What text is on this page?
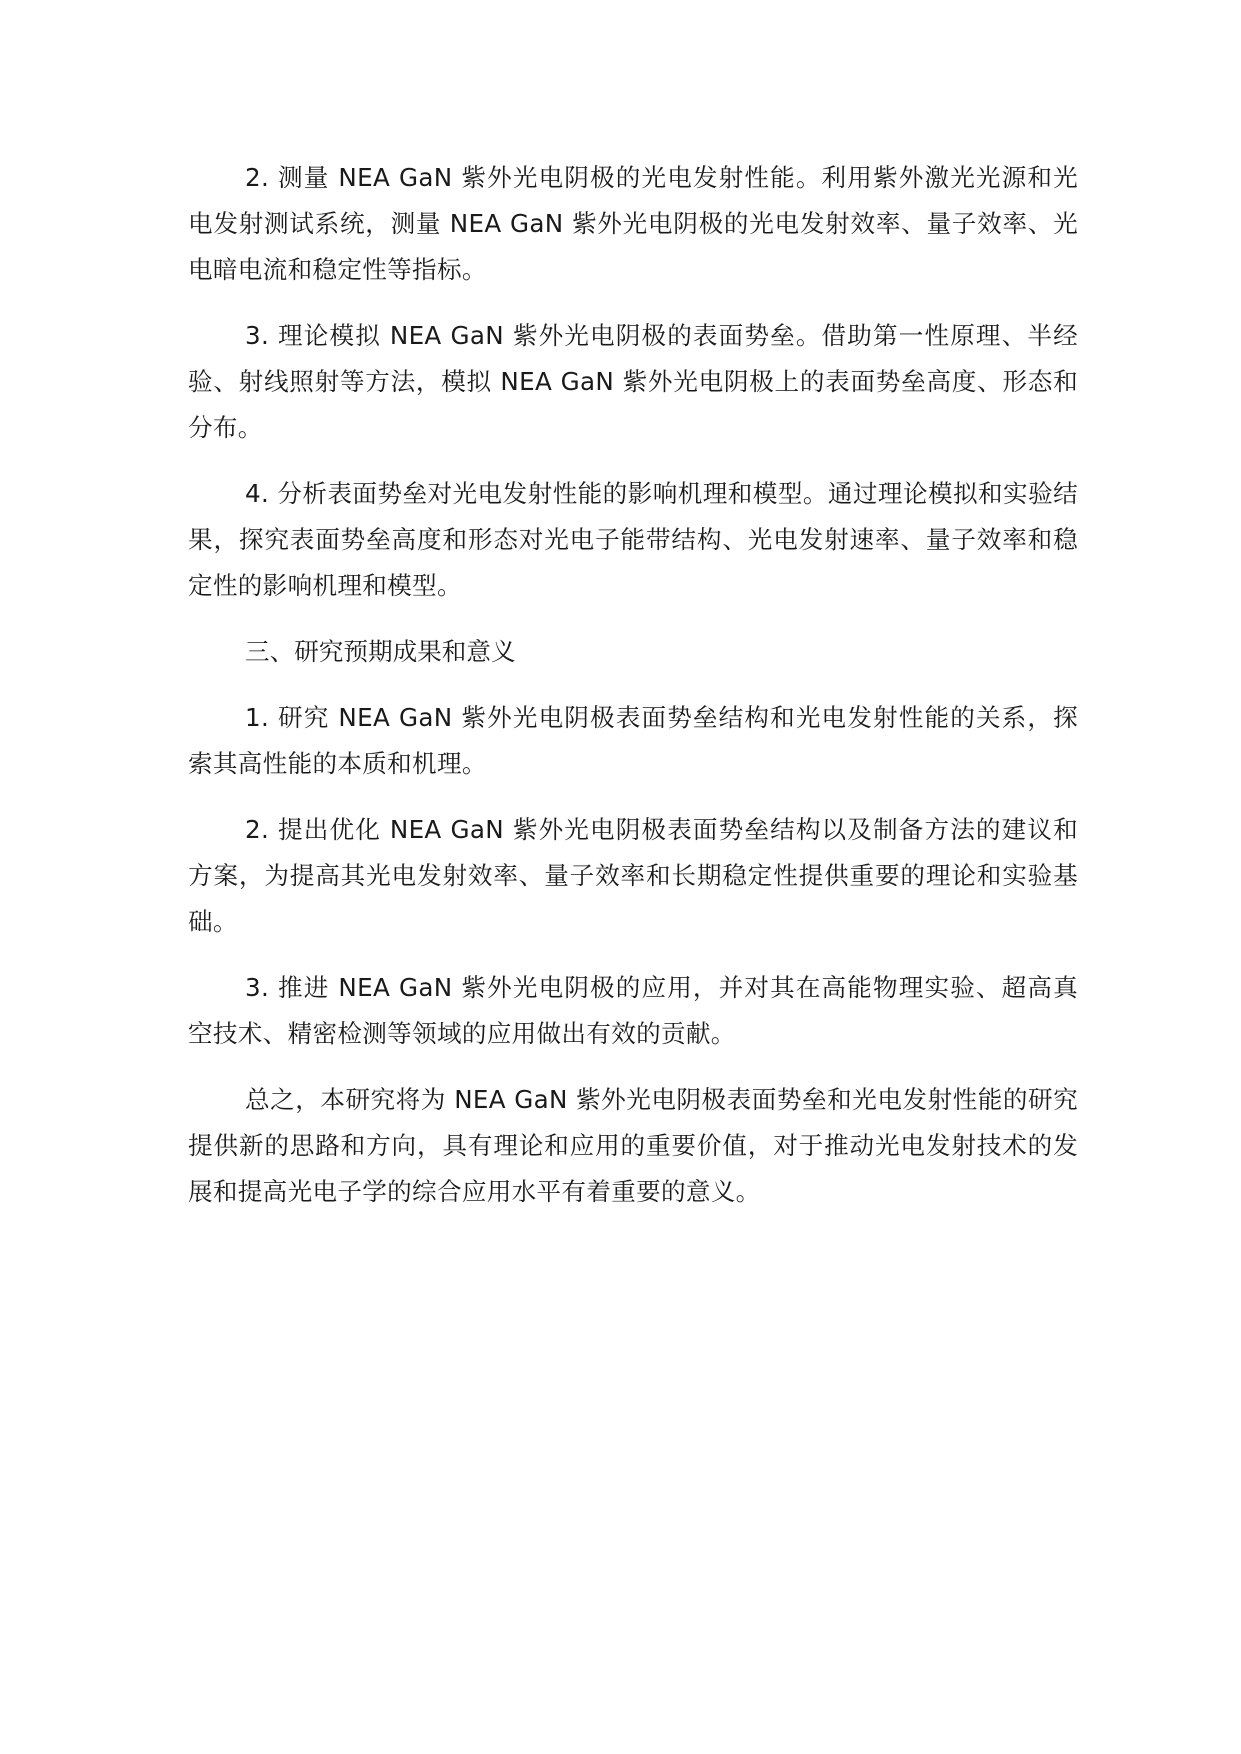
2. 测量 NEA GaN 紫外光电阴极的光电发射性能。利用紫外激光光源和光电发射测试系统，测量 NEA GaN 紫外光电阴极的光电发射效率、量子效率、光电暗电流和稳定性等指标。

3. 理论模拟 NEA GaN 紫外光电阴极的表面势垒。借助第一性原理、半经验、射线照射等方法，模拟 NEA GaN 紫外光电阴极上的表面势垒高度、形态和分布。

4. 分析表面势垒对光电发射性能的影响机理和模型。通过理论模拟和实验结果，探究表面势垒高度和形态对光电子能带结构、光电发射速率、量子效率和稳定性的影响机理和模型。

三、研究预期成果和意义

1. 研究 NEA GaN 紫外光电阴极表面势垒结构和光电发射性能的关系，探索其高性能的本质和机理。

2. 提出优化 NEA GaN 紫外光电阴极表面势垒结构以及制备方法的建议和方案，为提高其光电发射效率、量子效率和长期稳定性提供重要的理论和实验基础。

3. 推进 NEA GaN 紫外光电阴极的应用，并对其在高能物理实验、超高真空技术、精密检测等领域的应用做出有效的贡献。

总之，本研究将为 NEA GaN 紫外光电阴极表面势垒和光电发射性能的研究提供新的思路和方向，具有理论和应用的重要价值，对于推动光电发射技术的发展和提高光电子学的综合应用水平有着重要的意义。
